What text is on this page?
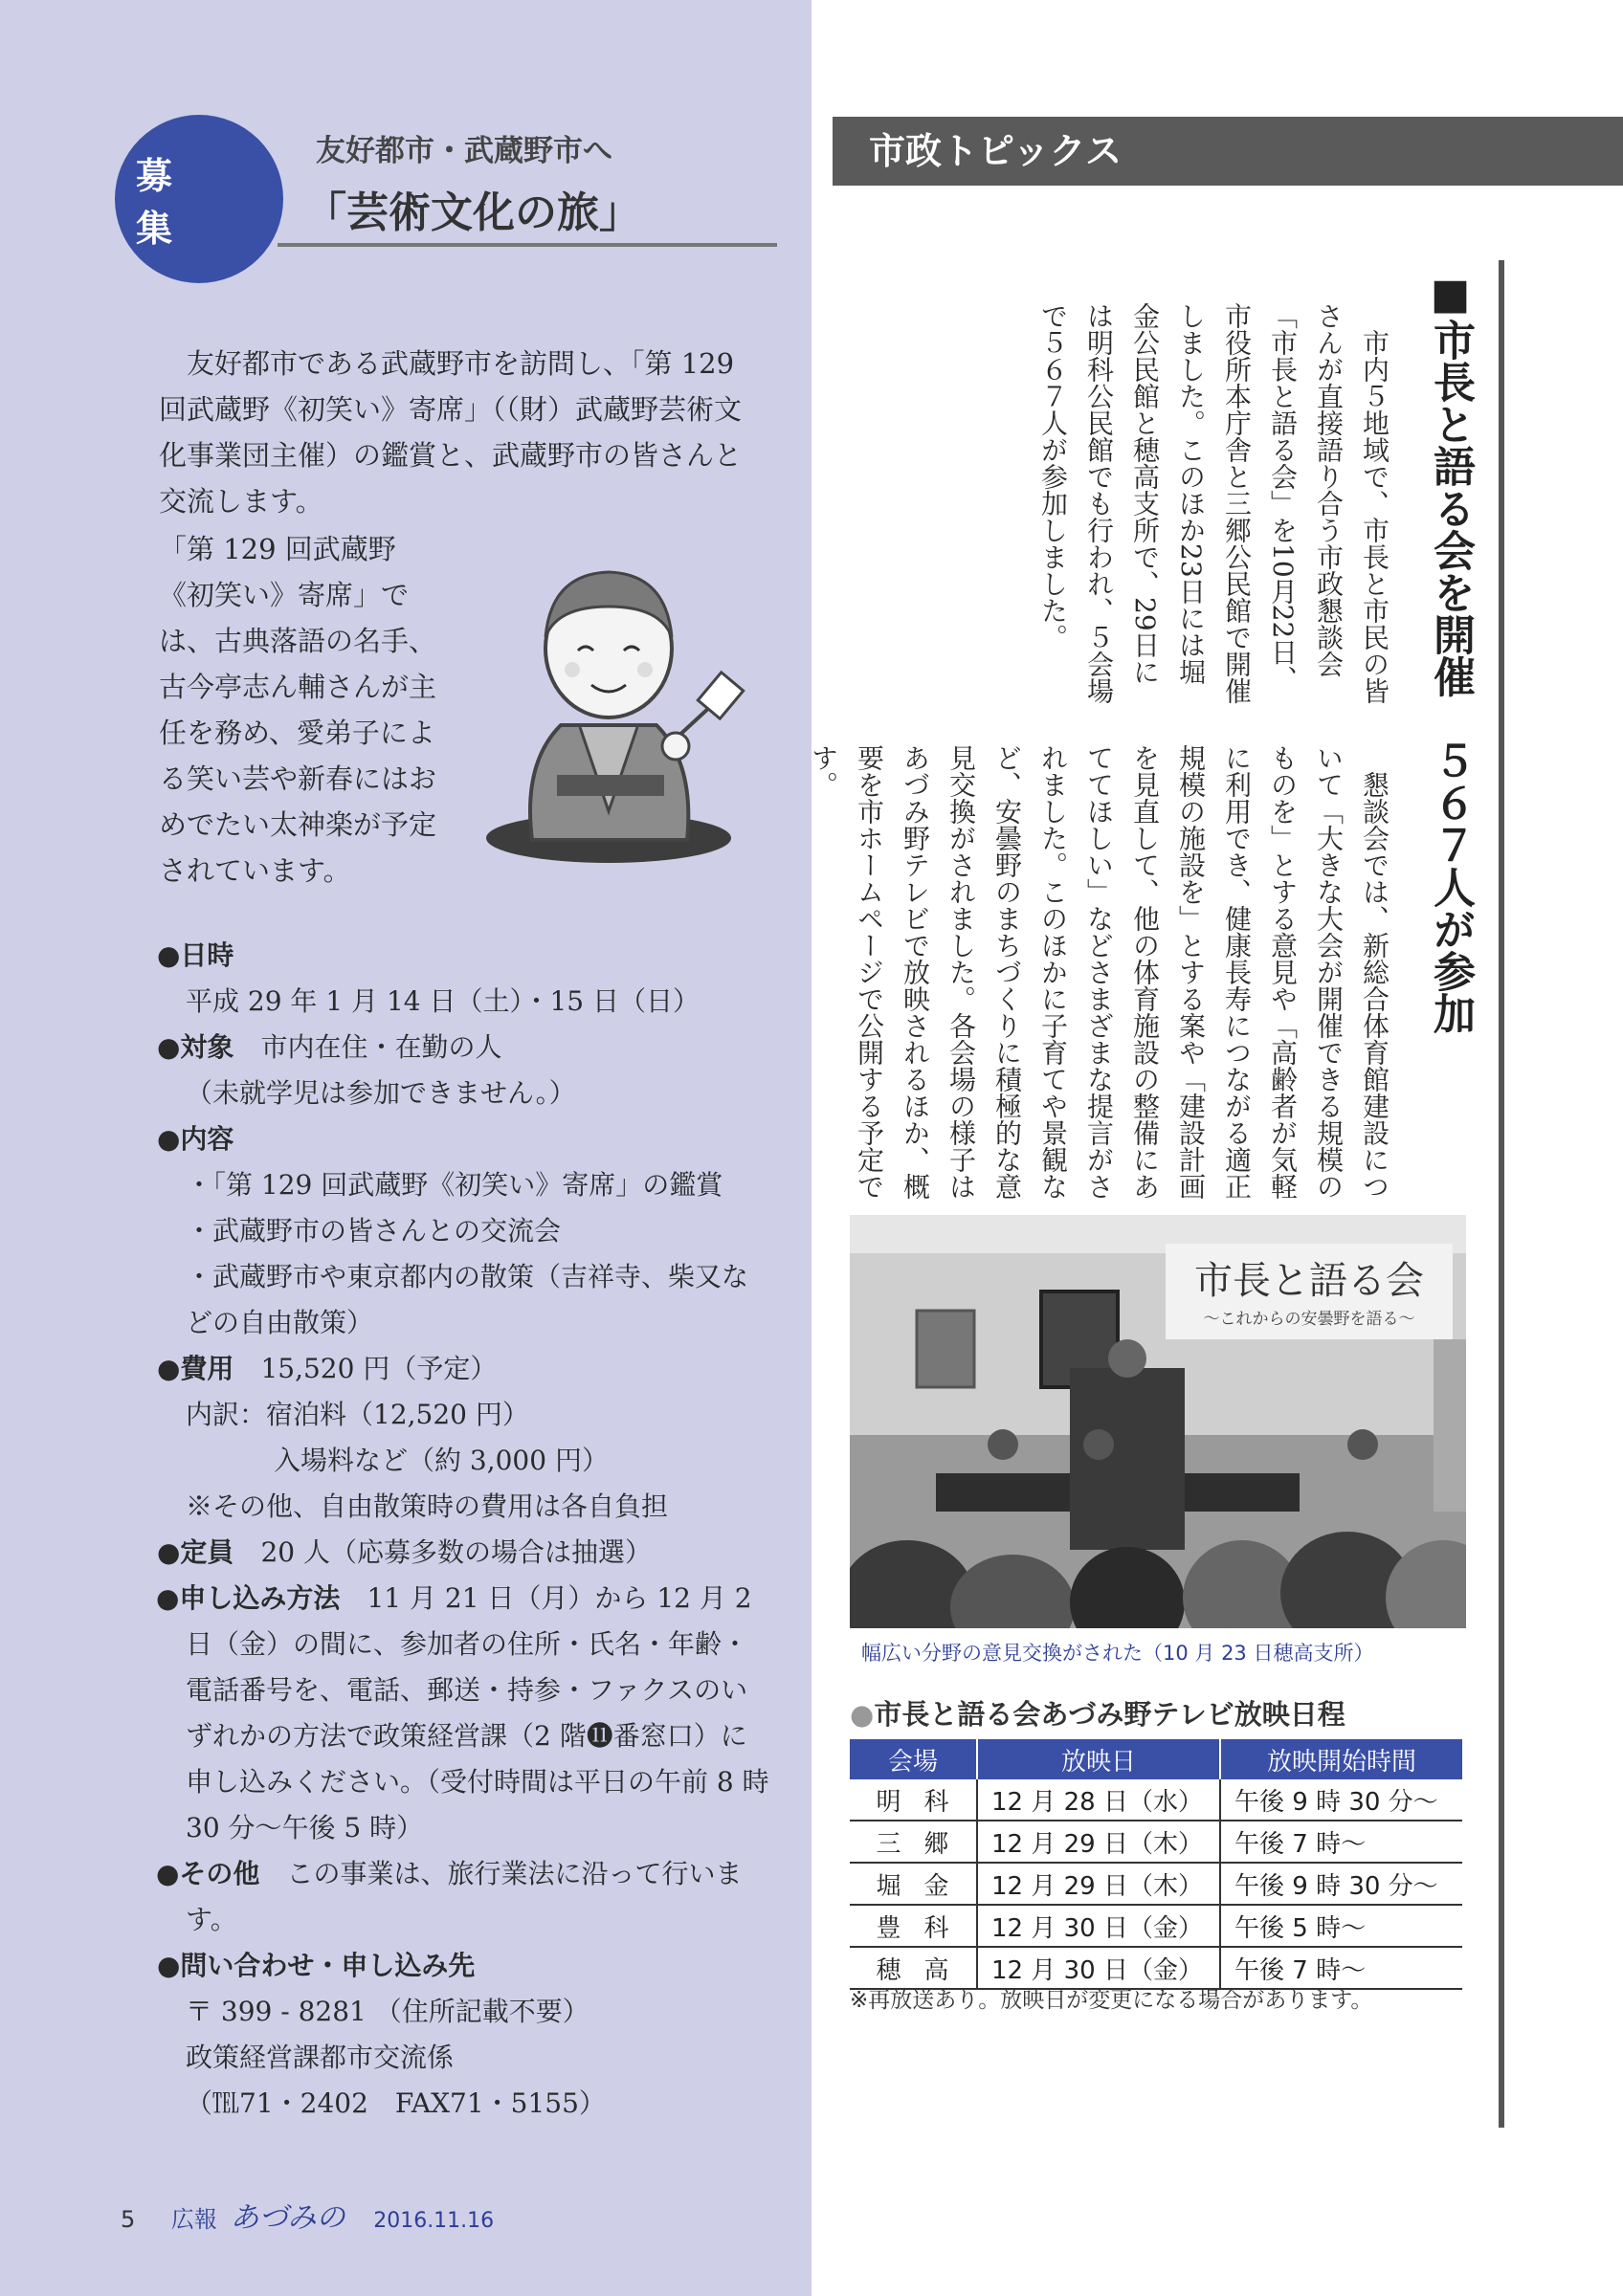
募 集
友好都市・武蔵野市へ
「芸術文化の旅」

友好都市である武蔵野市を訪問し、「第 129 回武蔵野《初笑い》寄席」（（財）武蔵野芸術文化事業団主催）の鑑賞と、武蔵野市の皆さんと交流します。

「第 129 回武蔵野《初笑い》寄席」では、古典落語の名手、古今亭志ん輔さんが主任を務め、愛弟子による笑い芸や新春にはおめでたい太神楽が予定されています。

●日時
平成 29 年 1 月 14 日（土）・15 日（日）
●対象　 市内在住・在勤の人
（未就学児は参加できません。）
●内容
・「第 129 回武蔵野《初笑い》寄席」の鑑賞
・武蔵野市の皆さんとの交流会
・武蔵野市や東京都内の散策（吉祥寺、柴又などの自由散策）
●費用　 15,520 円（予定）
内訳：宿泊料（12,520 円）
入場料など（約 3,000 円）
※その他、自由散策時の費用は各自負担
●定員　 20 人（応募多数の場合は抽選）
●申し込み方法　 11 月 21 日（月）から 12 月 2 日（金）の間に、参加者の住所・氏名・年齢・電話番号を、電話、郵送・持参・ファクスのいずれかの方法で政策経営課（2 階⓫番窓口）に申し込みください。（受付時間は平日の午前 8 時 30 分～午後 5 時）
●その他　 この事業は、旅行業法に沿って行います。
●問い合わせ・申し込み先
〒 399 - 8281 （住所記載不要）
政策経営課都市交流係
（℡71・2402　FAX71・5155）
5 広報 あづみの 2016.11.16
市政トピックス
■市長と語る会を開催　５６７人が参加

市内５地域で、市長と市民の皆さんが直接語り合う市政懇談会「市長と語る会」を10月22日、市役所本庁舎と三郷公民館で開催しました。このほか23日には堀金公民館と穂高支所で、29日には明科公民館でも行われ、５会場で５６７人が参加しました。

懇談会では、新総合体育館建設について「大きな大会が開催できる規模のものを」とする意見や「高齢者が気軽に利用でき、健康長寿につながる適正規模の施設を」とする案や「建設計画を見直して、他の体育施設の整備にあててほしい」などさまざまな提言がされました。このほかに子育てや景観など、安曇野のまちづくりに積極的な意見交換がされました。各会場の様子はあづみ野テレビで放映されるほか、概要を市ホームページで公開する予定です。

市長と語る会
～これからの安曇野を語る～
幅広い分野の意見交換がされた（10 月 23 日穂高支所）
●市長と語る会あづみ野テレビ放映日程
会場	放映日	放映開始時間
明科	12 月 28 日（水）	午後 9 時 30 分～
三郷	12 月 29 日（木）	午後 7 時～
堀金	12 月 29 日（木）	午後 9 時 30 分～
豊科	12 月 30 日（金）	午後 5 時～
穂高	12 月 30 日（金）	午後 7 時～
※再放送あり。放映日が変更になる場合があります。
